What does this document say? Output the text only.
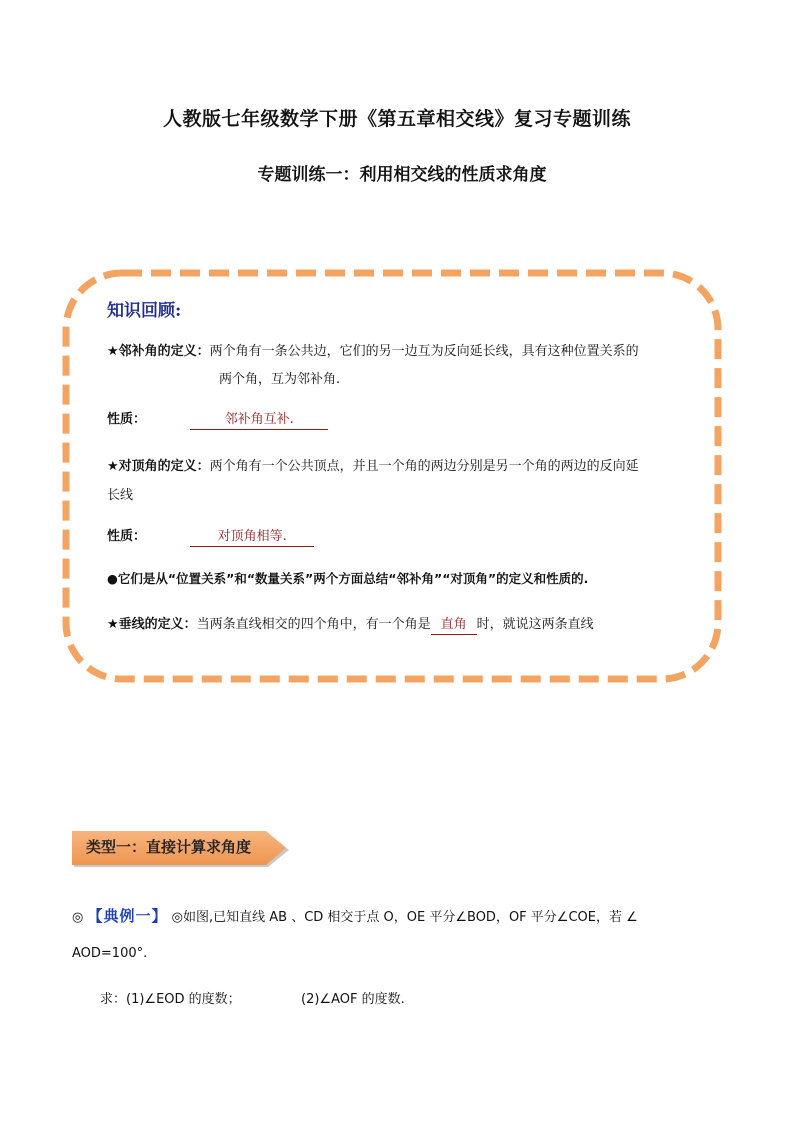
人教版七年级数学下册《第五章相交线》复习专题训练
专题训练一：利用相交线的性质求角度
知识回顾:
★邻补角的定义：两个角有一条公共边，它们的另一边互为反向延长线，具有这种位置关系的
两个角，互为邻补角.
性质：	邻补角互补.
★对顶角的定义：两个角有一个公共顶点，并且一个角的两边分别是另一个角的两边的反向延
长线
性质：	对顶角相等.
●它们是从“位置关系”和“数量关系”两个方面总结“邻补角”“对顶角”的定义和性质的.
★垂线的定义：当两条直线相交的四个角中，有一个角是 直角 时，就说这两条直线
类型一：直接计算求角度
◎ 【典例一】 ◎如图,已知直线 AB 、CD 相交于点 O，OE 平分∠BOD，OF 平分∠COE，若 ∠
AOD=100°.
求：(1)∠EOD 的度数；	(2)∠AOF 的度数.
